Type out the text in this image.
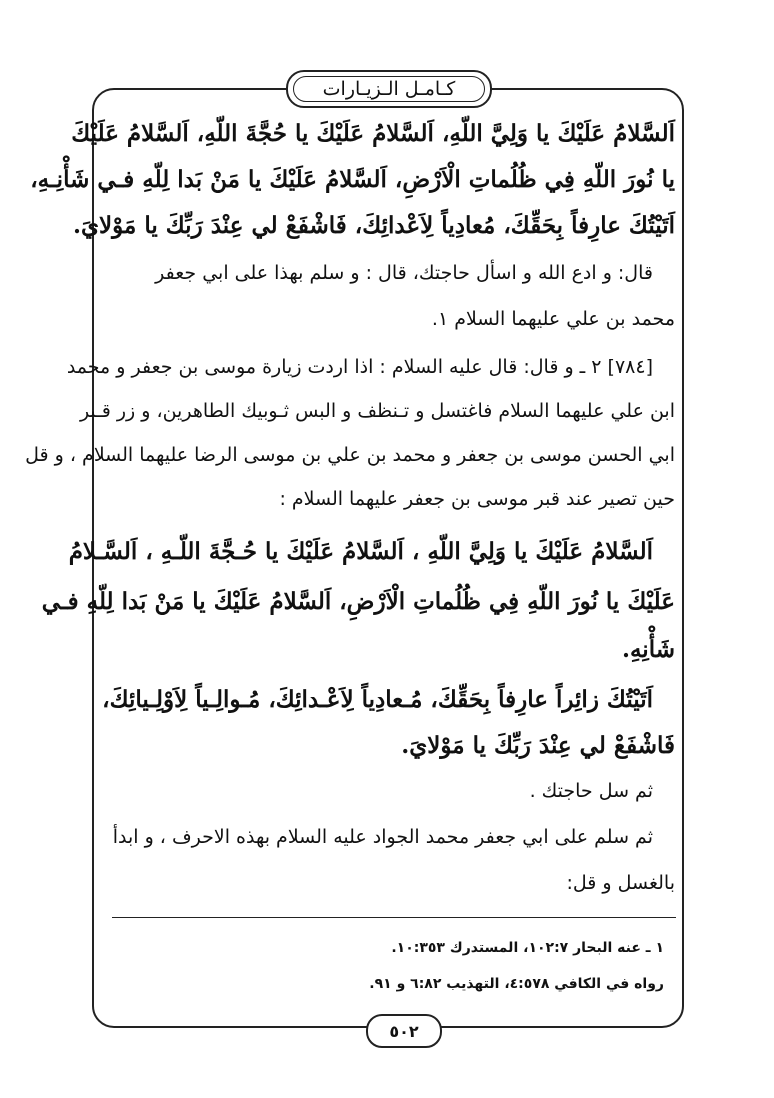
كـامـل الـزيـارات
اَلسَّلامُ عَلَيْكَ يا وَلِيَّ اللّهِ، اَلسَّلامُ عَلَيْكَ يا حُجَّةَ اللّهِ، اَلسَّلامُ عَلَيْكَ
يا نُورَ اللّهِ فِي ظُلُماتِ الْاَرْضِ، اَلسَّلامُ عَلَيْكَ يا مَنْ بَدا لِلّهِ فـي شَأْنِـهِ،
اَتَيْتُكَ عارِفاً بِحَقِّكَ، مُعادِياً لِاَعْدائِكَ، فَاشْفَعْ لي عِنْدَ رَبِّكَ يا مَوْلايَ.
قال: و ادع الله و اسأل حاجتك، قال : و سلم بهذا على ابي جعفر
محمد بن علي عليهما السلام ١.
[٧٨٤] ٢ ـ و قال: قال عليه السلام : اذا اردت زيارة موسى بن جعفر و محمد
ابن علي عليهما السلام فاغتسل و تـنظف و البس ثـوبيك الطاهرين، و زر قـبر
ابي الحسن موسى بن جعفر و محمد بن علي بن موسى الرضا عليهما السلام ، و قل
حين تصير عند قبر موسى بن جعفر عليهما السلام :
اَلسَّلامُ عَلَيْكَ يا وَلِيَّ اللّهِ ، اَلسَّلامُ عَلَيْكَ يا حُـجَّةَ اللّـهِ ، اَلسَّـلامُ
عَلَيْكَ يا نُورَ اللّهِ فِي ظُلُماتِ الْاَرْضِ، اَلسَّلامُ عَلَيْكَ يا مَنْ بَدا لِلّهِ فـي
شَأْنِهِ.
اَتَيْتُكَ زائِراً عارِفاً بِحَقِّكَ، مُـعادِياً لِاَعْـدائِكَ، مُـوالِـياً لِاَوْلِـيائِكَ،
فَاشْفَعْ لي عِنْدَ رَبِّكَ يا مَوْلايَ.
ثم سل حاجتك .
ثم سلم على ابي جعفر محمد الجواد عليه السلام بهذه الاحرف ، و ابدأ
بالغسل و قل:
١ ـ عنه البحار ١٠٢:٧، المستدرك ١٠:٣٥٣.
رواه في الكافي ٤:٥٧٨، التهذيب ٦:٨٢ و ٩١.
٥٠٢
